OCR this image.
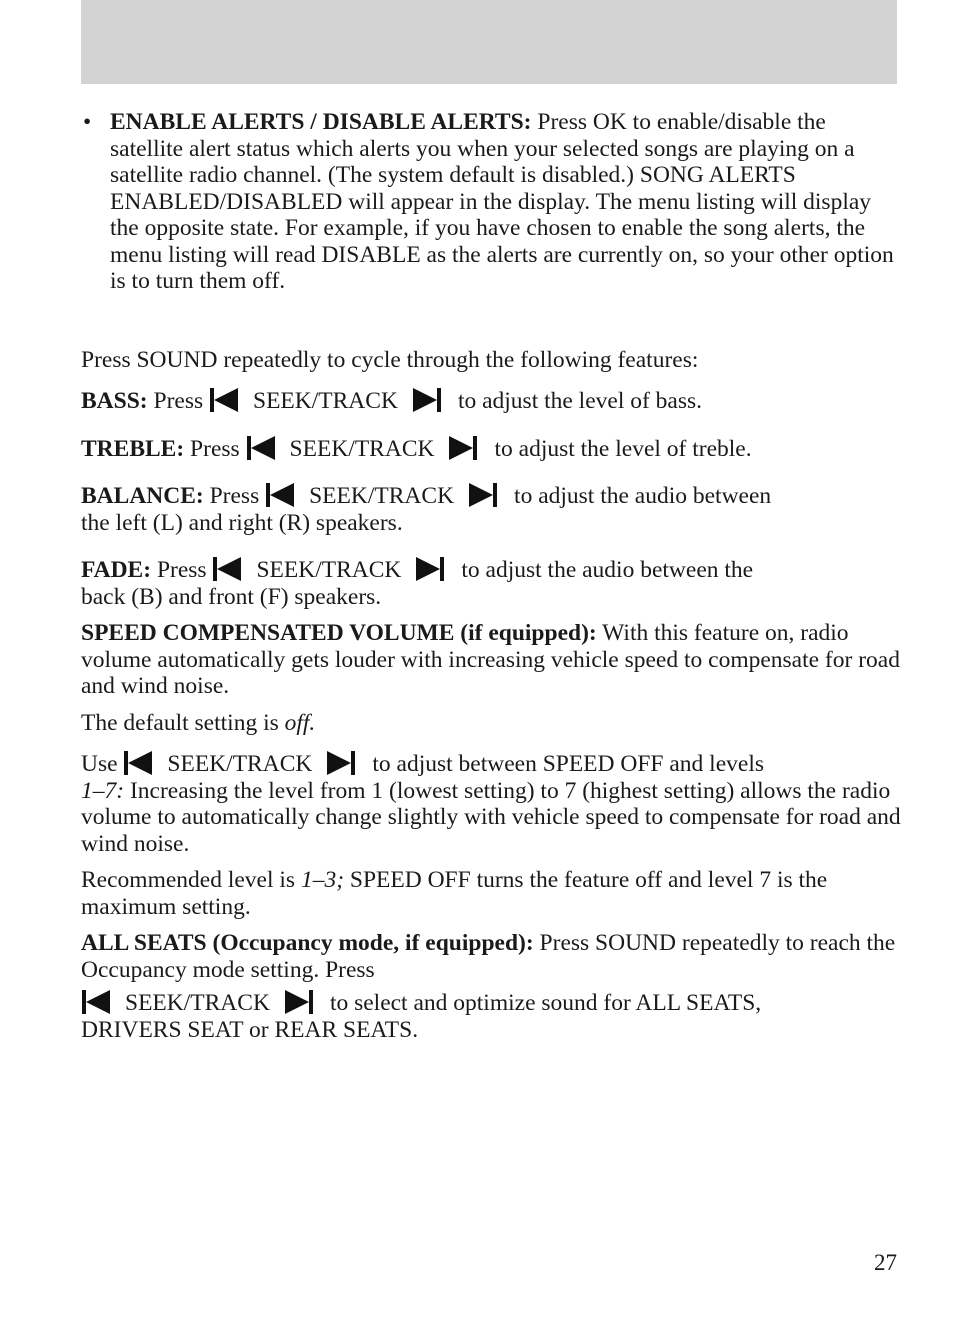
• ENABLE ALERTS / DISABLE ALERTS: Press OK to enable/disable the satellite alert status which alerts you when your selected songs are playing on a satellite radio channel. (The system default is disabled.) SONG ALERTS ENABLED/DISABLED will appear in the display. The menu listing will display the opposite state. For example, if you have chosen to enable the song alerts, the menu listing will read DISABLE as the alerts are currently on, so your other option is to turn them off.

Press SOUND repeatedly to cycle through the following features:

BASS: Press SEEK/TRACK	to adjust the level of bass.

TREBLE: Press SEEK/TRACK	to adjust the level of treble.

BALANCE: Press SEEK/TRACK	to adjust the audio between
the left (L) and right (R) speakers.

FADE: Press SEEK/TRACK	to adjust the audio between the
back (B) and front (F) speakers.

SPEED COMPENSATED VOLUME (if equipped): With this feature on, radio volume automatically gets louder with increasing vehicle speed to compensate for road and wind noise.

The default setting is off.

Use SEEK/TRACK	to adjust between SPEED OFF and levels
1–7: Increasing the level from 1 (lowest setting) to 7 (highest setting) allows the radio volume to automatically change slightly with vehicle speed to compensate for road and wind noise.

Recommended level is 1–3; SPEED OFF turns the feature off and level 7 is the maximum setting.

ALL SEATS (Occupancy mode, if equipped): Press SOUND repeatedly to reach the Occupancy mode setting. Press

SEEK/TRACK	to select and optimize sound for ALL SEATS,
DRIVERS SEAT or REAR SEATS.

27
